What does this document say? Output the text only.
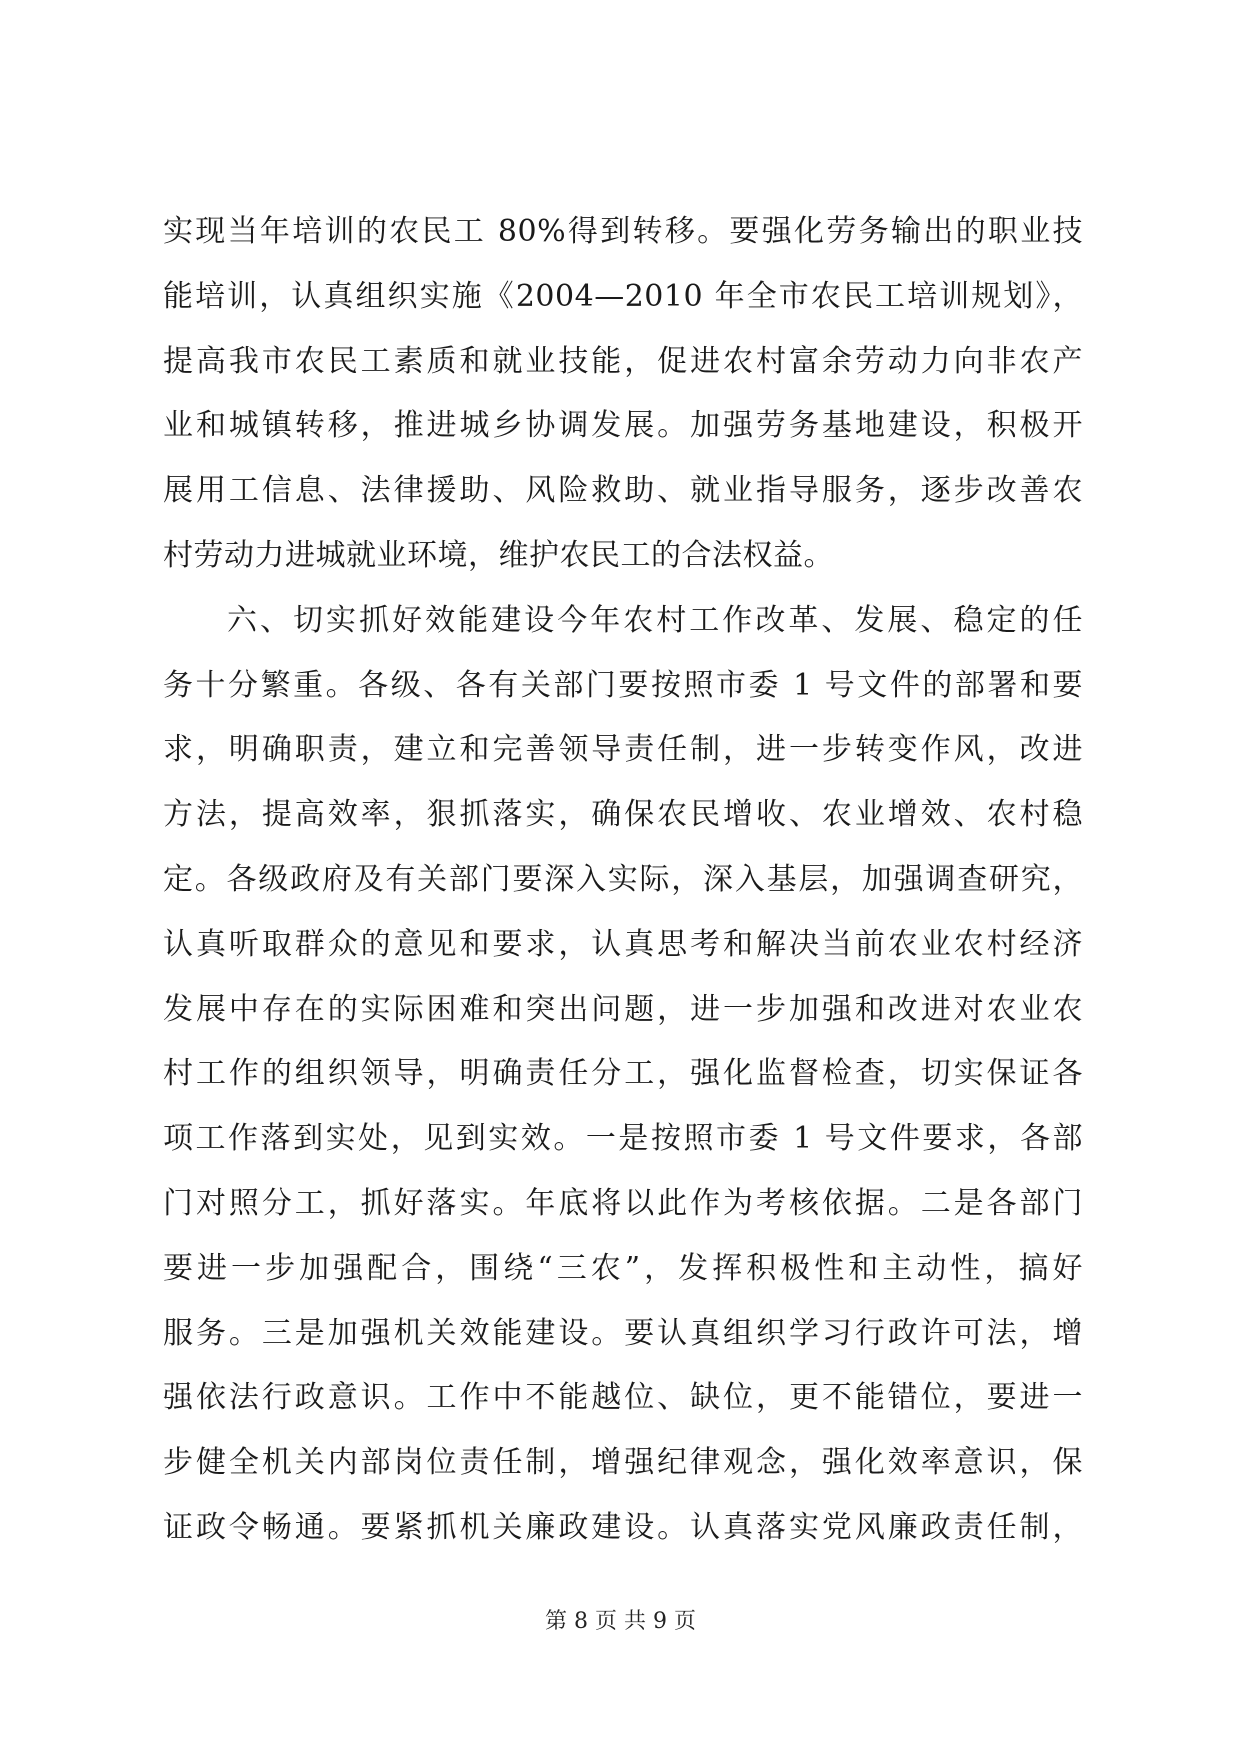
实现当年培训的农民工 80%得到转移。要强化劳务输出的职业技
能培训，认真组织实施《2004—2010 年全市农民工培训规划》，
提高我市农民工素质和就业技能，促进农村富余劳动力向非农产
业和城镇转移，推进城乡协调发展。加强劳务基地建设，积极开
展用工信息、法律援助、风险救助、就业指导服务，逐步改善农
村劳动力进城就业环境，维护农民工的合法权益。
六、切实抓好效能建设今年农村工作改革、发展、稳定的任
务十分繁重。各级、各有关部门要按照市委 1 号文件的部署和要
求，明确职责，建立和完善领导责任制，进一步转变作风，改进
方法，提高效率，狠抓落实，确保农民增收、农业增效、农村稳
定。各级政府及有关部门要深入实际，深入基层，加强调查研究，
认真听取群众的意见和要求，认真思考和解决当前农业农村经济
发展中存在的实际困难和突出问题，进一步加强和改进对农业农
村工作的组织领导，明确责任分工，强化监督检查，切实保证各
项工作落到实处，见到实效。一是按照市委 1 号文件要求，各部
门对照分工，抓好落实。年底将以此作为考核依据。二是各部门
要进一步加强配合，围绕“三农”，发挥积极性和主动性，搞好
服务。三是加强机关效能建设。要认真组织学习行政许可法，增
强依法行政意识。工作中不能越位、缺位，更不能错位，要进一
步健全机关内部岗位责任制，增强纪律观念，强化效率意识，保
证政令畅通。要紧抓机关廉政建设。认真落实党风廉政责任制，
第 8 页 共 9 页
